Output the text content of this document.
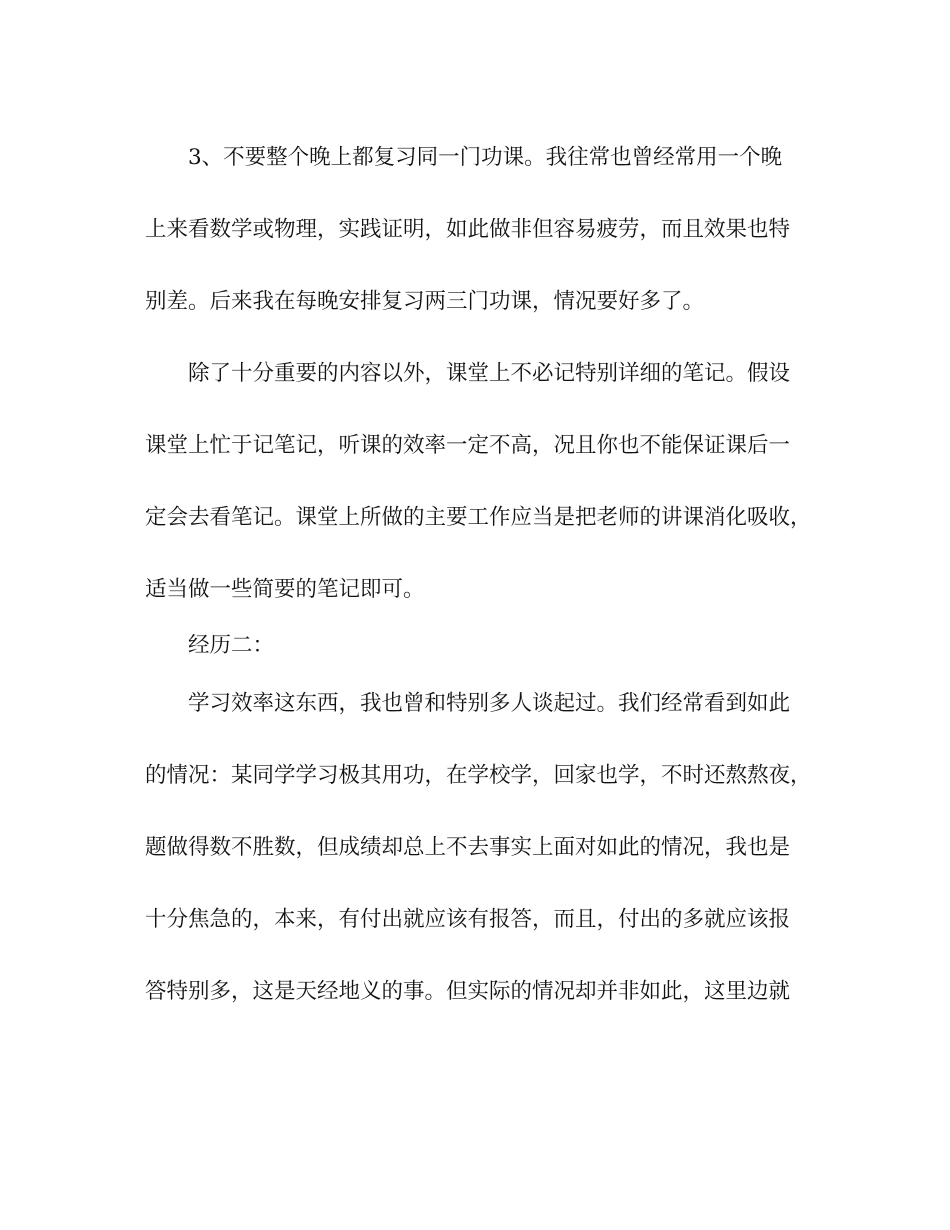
3、不要整个晚上都复习同一门功课。我往常也曾经常用一个晚
上来看数学或物理，实践证明，如此做非但容易疲劳，而且效果也特
别差。后来我在每晚安排复习两三门功课，情况要好多了。
除了十分重要的内容以外，课堂上不必记特别详细的笔记。假设
课堂上忙于记笔记，听课的效率一定不高，况且你也不能保证课后一
定会去看笔记。课堂上所做的主要工作应当是把老师的讲课消化吸收，
适当做一些简要的笔记即可。
经历二：
学习效率这东西，我也曾和特别多人谈起过。我们经常看到如此
的情况：某同学学习极其用功，在学校学，回家也学，不时还熬熬夜，
题做得数不胜数，但成绩却总上不去事实上面对如此的情况，我也是
十分焦急的，本来，有付出就应该有报答，而且，付出的多就应该报
答特别多，这是天经地义的事。但实际的情况却并非如此，这里边就
